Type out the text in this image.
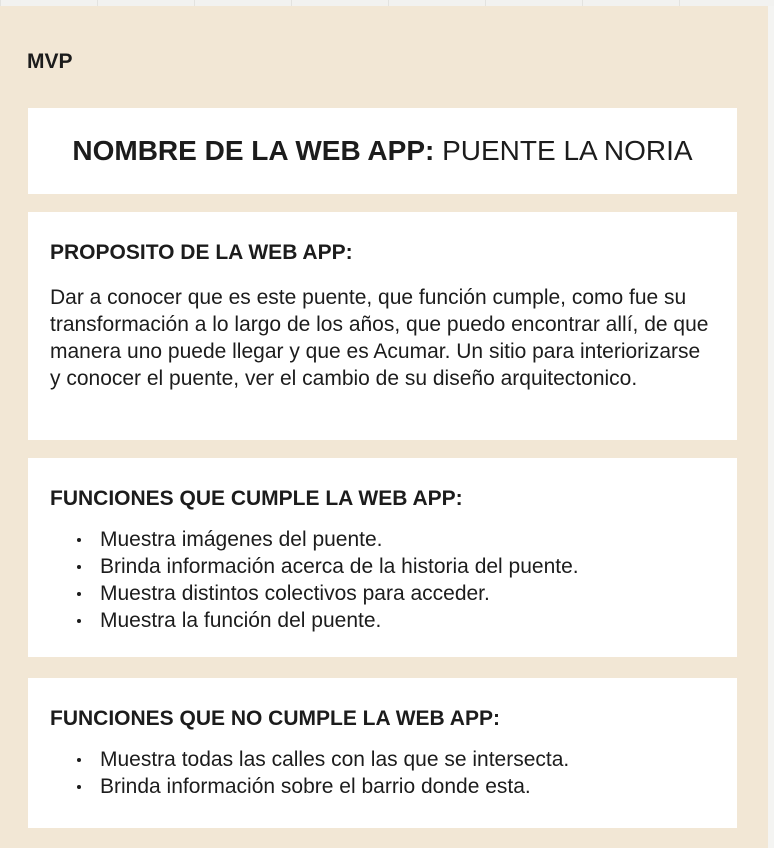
MVP
NOMBRE DE LA WEB APP:
PUENTE LA NORIA
PROPOSITO DE LA WEB APP:

Dar a conocer que es este puente, que función cumple, como fue su transformación a lo largo de los años, que puedo encontrar allí, de que manera uno puede llegar y que es Acumar. Un sitio para interiorizarse y conocer el puente, ver el cambio de su diseño arquitectonico.

FUNCIONES QUE CUMPLE LA WEB APP:
Muestra imágenes del puente.
Brinda información acerca de la historia del puente.
Muestra distintos colectivos para acceder.
Muestra la función del puente.
FUNCIONES QUE NO CUMPLE LA WEB APP:
Muestra todas las calles con las que se intersecta.
Brinda información sobre el barrio donde esta.
